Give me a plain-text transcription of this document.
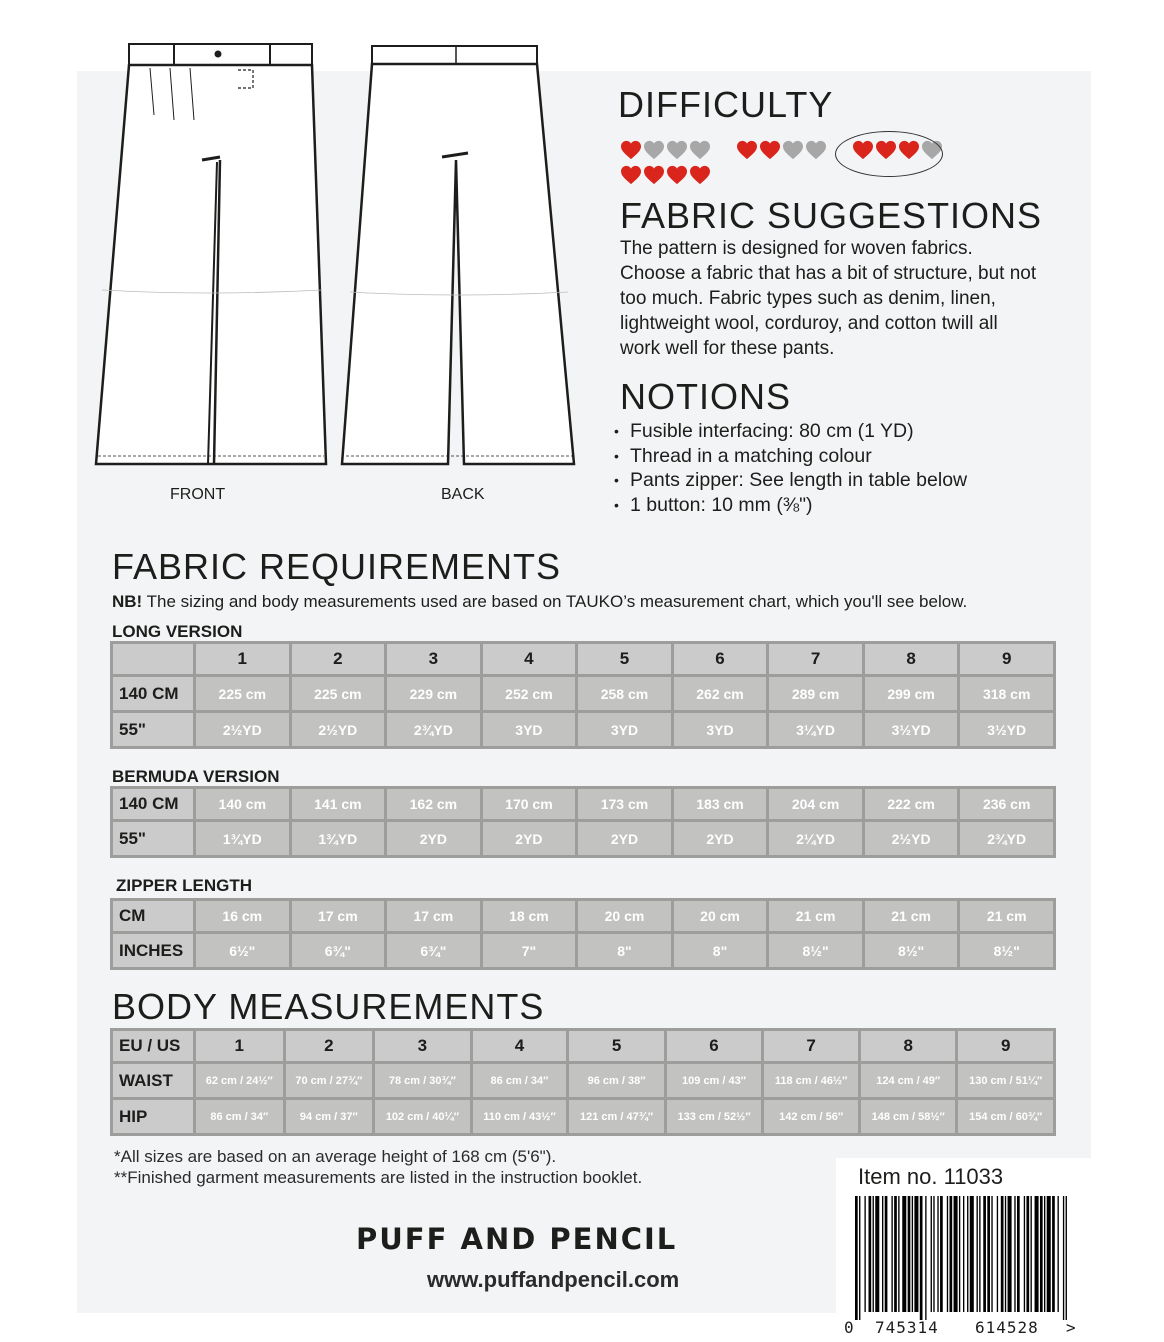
FRONT	BACK
DIFFICULTY
FABRIC SUGGESTIONS
The pattern is designed for woven fabrics. Choose a fabric that has a bit of structure, but not too much. Fabric types such as denim, linen, lightweight wool, corduroy, and cotton twill all work well for these pants.
NOTIONS
• Fusible interfacing: 80 cm (1 YD)
• Thread in a matching colour
• Pants zipper: See length in table below
• 1 button: 10 mm (⅜")
FABRIC REQUIREMENTS
NB! The sizing and body measurements used are based on TAUKO’s measurement chart, which you'll see below.
LONG VERSION
	1	2	3	4	5	6	7	8	9
140 CM	225 cm	225 cm	229 cm	252 cm	258 cm	262 cm	289 cm	299 cm	318 cm
55"	2½YD	2½YD	2¾YD	3YD	3YD	3YD	3¼YD	3½YD	3½YD
BERMUDA VERSION
140 CM	140 cm	141 cm	162 cm	170 cm	173 cm	183 cm	204 cm	222 cm	236 cm
55"	1¾YD	1¾YD	2YD	2YD	2YD	2YD	2¼YD	2½YD	2¾YD
ZIPPER LENGTH
CM	16 cm	17 cm	17 cm	18 cm	20 cm	20 cm	21 cm	21 cm	21 cm
INCHES	6½"	6¾"	6¾"	7"	8"	8"	8½"	8½"	8½"
BODY MEASUREMENTS
EU / US	1	2	3	4	5	6	7	8	9
WAIST	62 cm / 24½″	70 cm / 27¾″	78 cm / 30¾″	86 cm / 34″	96 cm / 38″	109 cm / 43″	118 cm / 46½″	124 cm / 49″	130 cm / 51¼″
HIP	86 cm / 34″	94 cm / 37″	102 cm / 40¼″	110 cm / 43½″	121 cm / 47¾″	133 cm / 52½″	142 cm / 56″	148 cm / 58½″	154 cm / 60¾″
*All sizes are based on an average height of 168 cm (5'6").
**Finished garment measurements are listed in the instruction booklet.
PUFF AND PENCIL
www.puffandpencil.com
Item no. 11033
0 745314 614528 >
